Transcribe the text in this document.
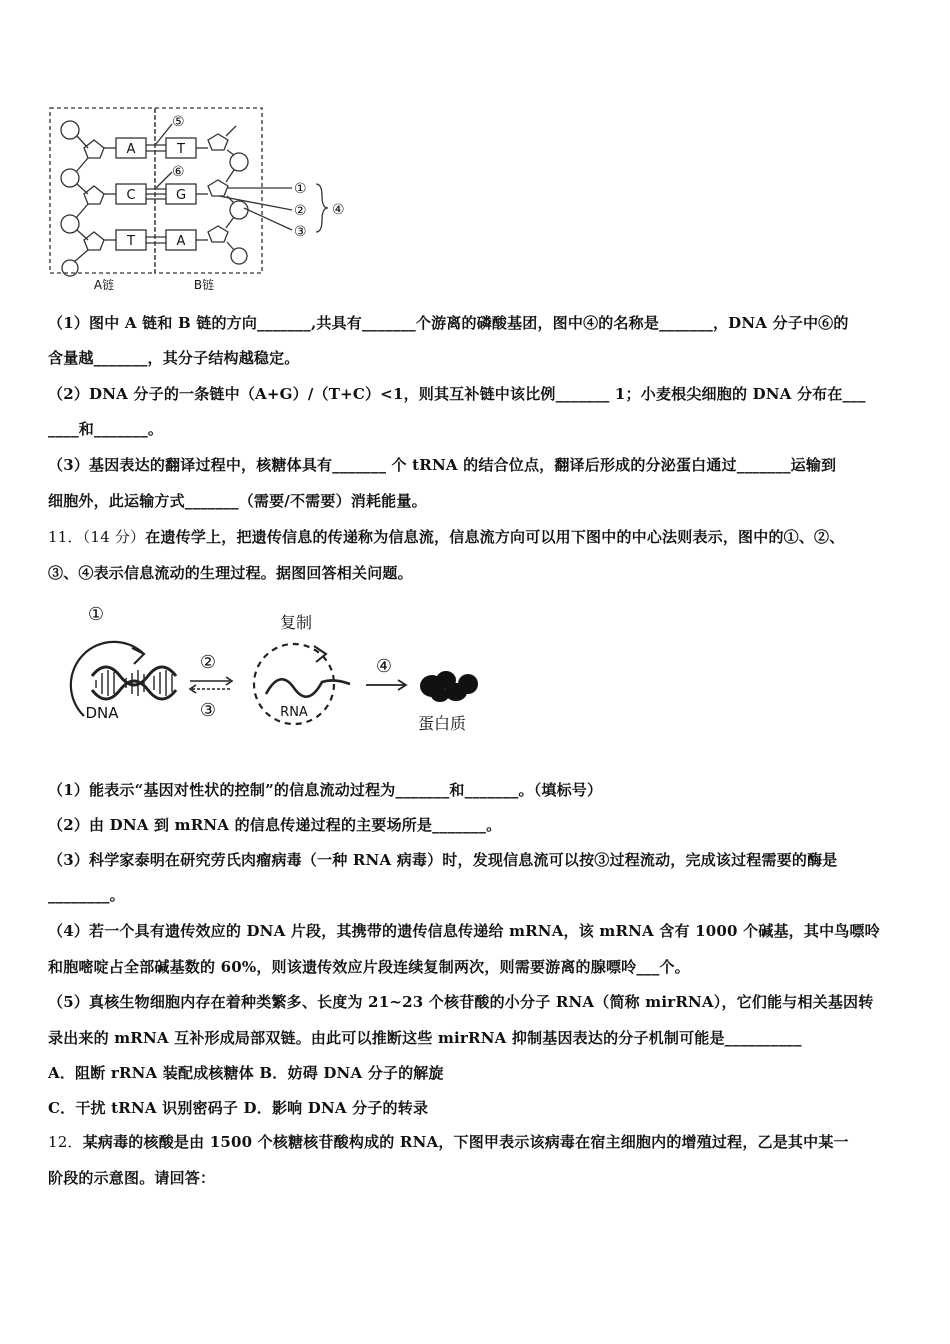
A	T
C	G
T	A
⑤
⑥
①
②
③
④
A链	B链
（1）图中 A 链和 B 链的方向_______,共具有_______个游离的磷酸基团，图中④的名称是_______，DNA 分子中⑥的
含量越_______，其分子结构越稳定。
（2）DNA 分子的一条链中（A+G）/（T+C）<1，则其互补链中该比例_______ 1；小麦根尖细胞的 DNA 分布在___
____和_______。
（3）基因表达的翻译过程中，核糖体具有_______ 个 tRNA 的结合位点，翻译后形成的分泌蛋白通过_______运输到
细胞外，此运输方式_______（需要/不需要）消耗能量。
11．（14 分）在遗传学上，把遗传信息的传递称为信息流，信息流方向可以用下图中的中心法则表示，图中的①、②、
③、④表示信息流动的生理过程。据图回答相关问题。
①
②
③
④
DNA	RNA
复制
蛋白质
（1）能表示“基因对性状的控制”的信息流动过程为_______和_______。（填标号）
（2）由 DNA 到 mRNA 的信息传递过程的主要场所是_______。
（3）科学家泰明在研究劳氏肉瘤病毒（一种 RNA 病毒）时，发现信息流可以按③过程流动，完成该过程需要的酶是
________。
（4）若一个具有遗传效应的 DNA 片段，其携带的遗传信息传递给 mRNA，该 mRNA 含有 1000 个碱基，其中鸟嘌呤
和胞嘧啶占全部碱基数的 60%，则该遗传效应片段连续复制两次，则需要游离的腺嘌呤___个。
（5）真核生物细胞内存在着种类繁多、长度为 21~23 个核苷酸的小分子 RNA（简称 mirRNA），它们能与相关基因转
录出来的 mRNA 互补形成局部双链。由此可以推断这些 mirRNA 抑制基因表达的分子机制可能是__________
A．阻断 rRNA 装配成核糖体 B．妨碍 DNA 分子的解旋
C．干扰 tRNA 识别密码子 D．影响 DNA 分子的转录
12．某病毒的核酸是由 1500 个核糖核苷酸构成的 RNA，下图甲表示该病毒在宿主细胞内的增殖过程，乙是其中某一
阶段的示意图。请回答：
